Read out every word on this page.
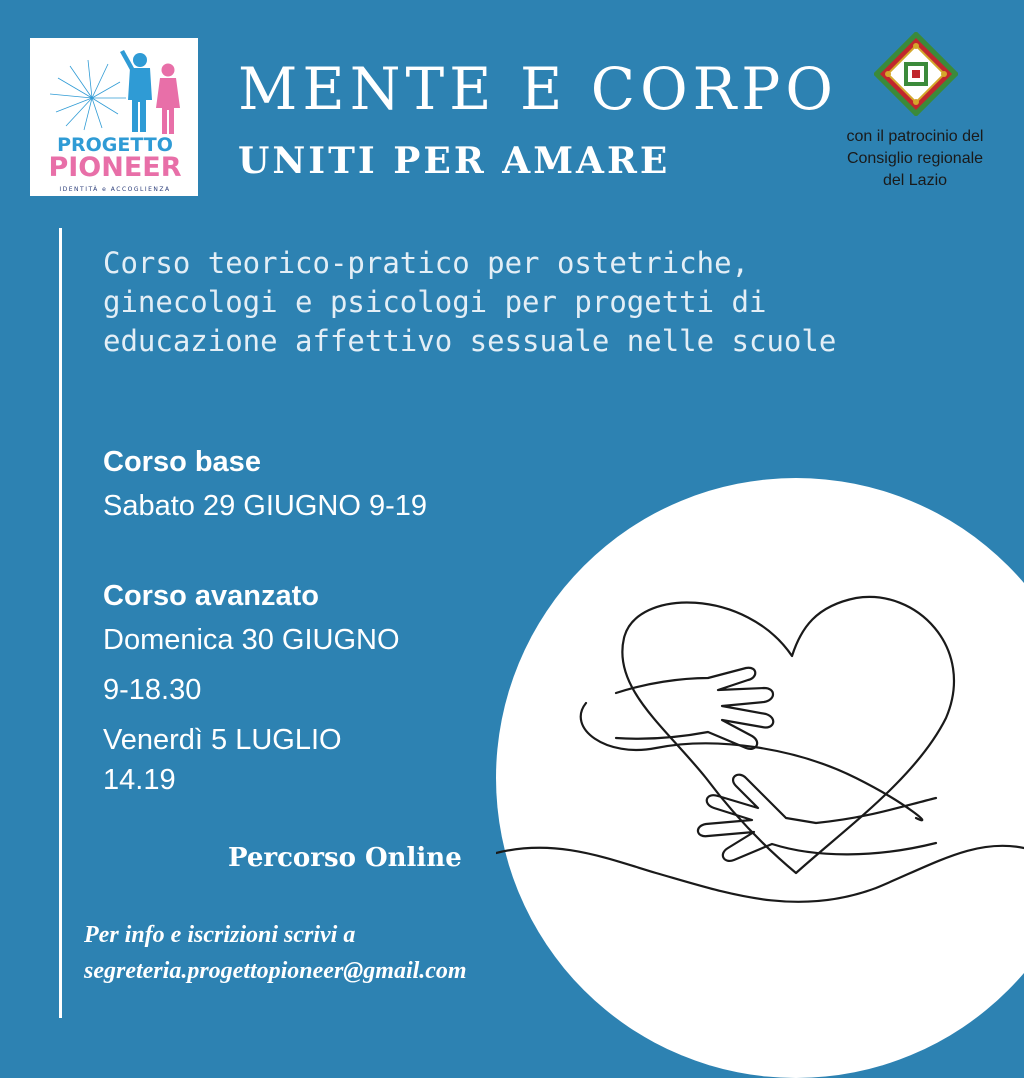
PROGETTO
PIONEER
IDENTITÀ e ACCOGLIENZA
MENTE E CORPO
UNITI PER AMARE
con il patrocinio del
Consiglio regionale
del Lazio
Corso teorico-pratico per ostetriche,
ginecologi e psicologi per progetti di
educazione affettivo sessuale nelle scuole
Corso base
Sabato 29 GIUGNO 9-19
Corso avanzato
Domenica 30 GIUGNO
9-18.30
Venerdì 5 LUGLIO
14.19
Percorso Online
Per info e iscrizioni scrivi a
segreteria.progettopioneer@gmail.com
